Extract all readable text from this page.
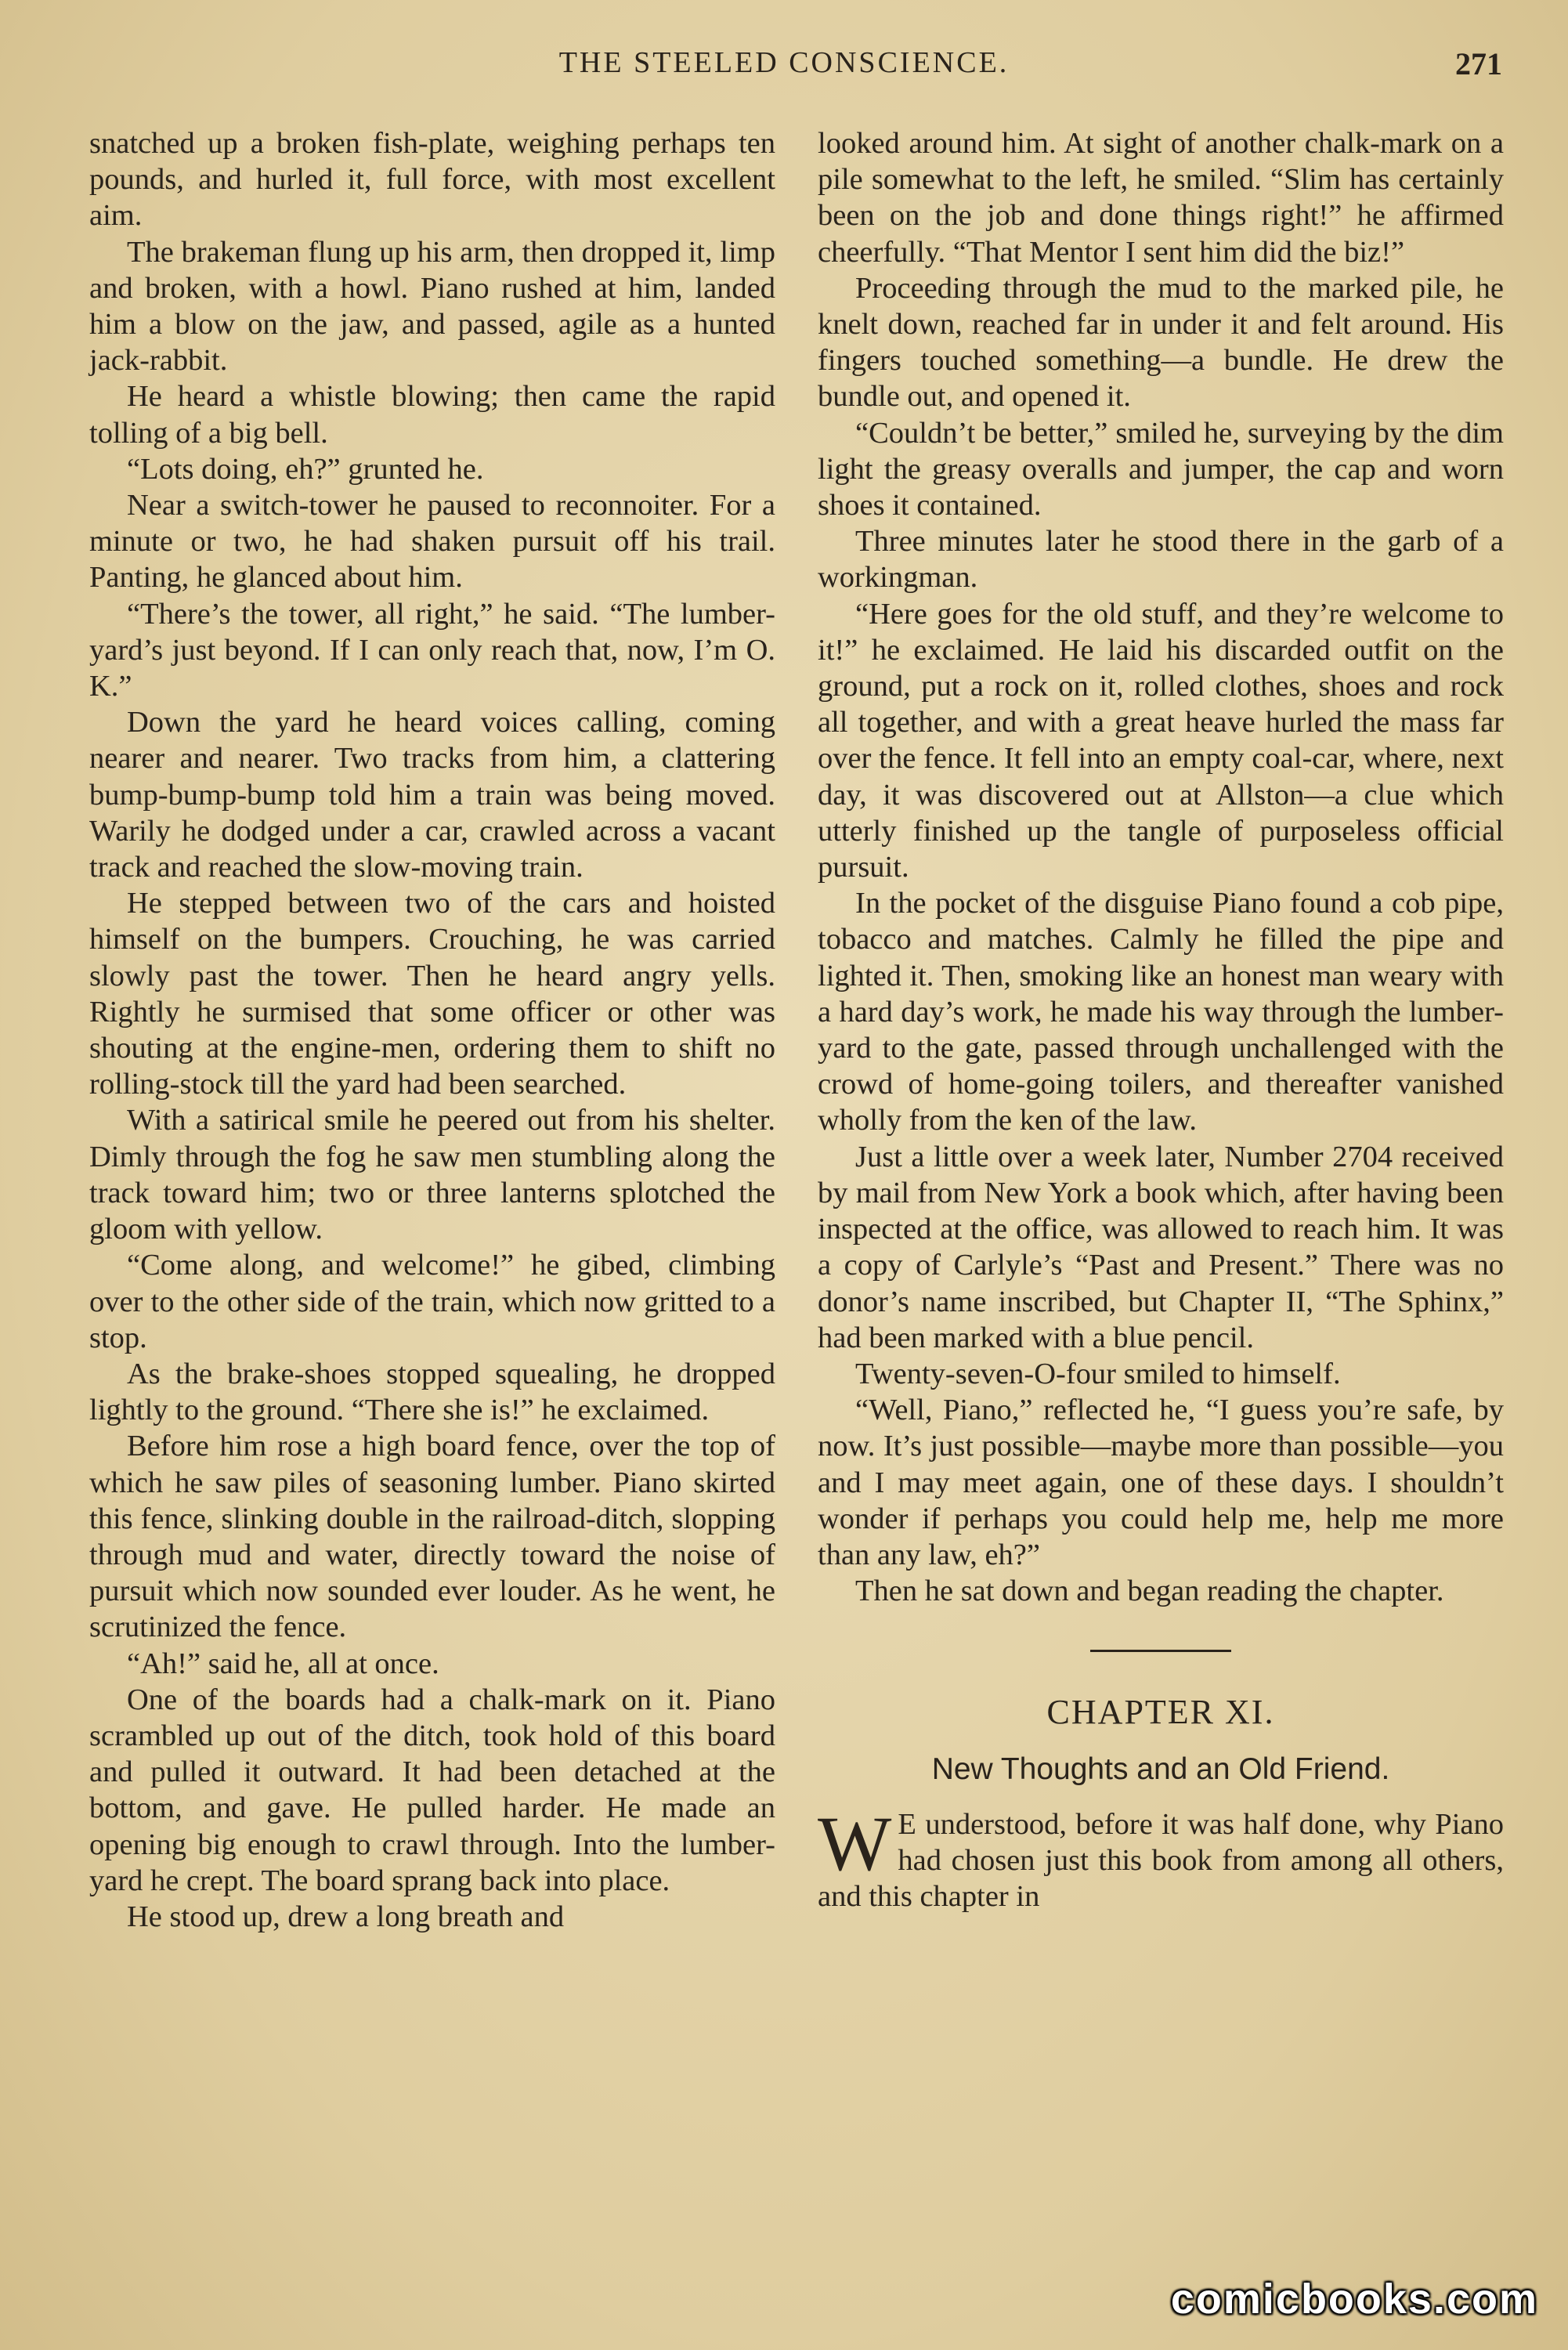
THE STEELED CONSCIENCE.	271

snatched up a broken fish-plate, weighing perhaps ten pounds, and hurled it, full force, with most excellent aim.

The brakeman flung up his arm, then dropped it, limp and broken, with a howl. Piano rushed at him, landed him a blow on the jaw, and passed, agile as a hunted jack-rabbit.

He heard a whistle blowing; then came the rapid tolling of a big bell.

“Lots doing, eh?” grunted he.

Near a switch-tower he paused to reconnoiter. For a minute or two, he had shaken pursuit off his trail. Panting, he glanced about him.

“There’s the tower, all right,” he said. “The lumber-yard’s just beyond. If I can only reach that, now, I’m O. K.”

Down the yard he heard voices calling, coming nearer and nearer. Two tracks from him, a clattering bump-bump-bump told him a train was being moved. Warily he dodged under a car, crawled across a vacant track and reached the slow-moving train.

He stepped between two of the cars and hoisted himself on the bumpers. Crouching, he was carried slowly past the tower. Then he heard angry yells. Rightly he surmised that some officer or other was shouting at the engine-men, ordering them to shift no rolling-stock till the yard had been searched.

With a satirical smile he peered out from his shelter. Dimly through the fog he saw men stumbling along the track toward him; two or three lanterns splotched the gloom with yellow.

“Come along, and welcome!” he gibed, climbing over to the other side of the train, which now gritted to a stop.

As the brake-shoes stopped squealing, he dropped lightly to the ground. “There she is!” he exclaimed.

Before him rose a high board fence, over the top of which he saw piles of seasoning lumber. Piano skirted this fence, slinking double in the railroad-ditch, slopping through mud and water, directly toward the noise of pursuit which now sounded ever louder. As he went, he scrutinized the fence.

“Ah!” said he, all at once.

One of the boards had a chalk-mark on it. Piano scrambled up out of the ditch, took hold of this board and pulled it outward. It had been detached at the bottom, and gave. He pulled harder. He made an opening big enough to crawl through. Into the lumber-yard he crept. The board sprang back into place.

He stood up, drew a long breath and

looked around him. At sight of another chalk-mark on a pile somewhat to the left, he smiled. “Slim has certainly been on the job and done things right!” he affirmed cheerfully. “That Mentor I sent him did the biz!”

Proceeding through the mud to the marked pile, he knelt down, reached far in under it and felt around. His fingers touched something—a bundle. He drew the bundle out, and opened it.

“Couldn’t be better,” smiled he, surveying by the dim light the greasy overalls and jumper, the cap and worn shoes it contained.

Three minutes later he stood there in the garb of a workingman.

“Here goes for the old stuff, and they’re welcome to it!” he exclaimed. He laid his discarded outfit on the ground, put a rock on it, rolled clothes, shoes and rock all together, and with a great heave hurled the mass far over the fence. It fell into an empty coal-car, where, next day, it was discovered out at Allston—a clue which utterly finished up the tangle of purposeless official pursuit.

In the pocket of the disguise Piano found a cob pipe, tobacco and matches. Calmly he filled the pipe and lighted it. Then, smoking like an honest man weary with a hard day’s work, he made his way through the lumber-yard to the gate, passed through unchallenged with the crowd of home-going toilers, and thereafter vanished wholly from the ken of the law.

Just a little over a week later, Number 2704 received by mail from New York a book which, after having been inspected at the office, was allowed to reach him. It was a copy of Carlyle’s “Past and Present.” There was no donor’s name inscribed, but Chapter II, “The Sphinx,” had been marked with a blue pencil.

Twenty-seven-O-four smiled to himself.

“Well, Piano,” reflected he, “I guess you’re safe, by now. It’s just possible—maybe more than possible—you and I may meet again, one of these days. I shouldn’t wonder if perhaps you could help me, help me more than any law, eh?”

Then he sat down and began reading the chapter.

CHAPTER XI.
New Thoughts and an Old Friend.

W E understood, before it was half done, why Piano had chosen just this book from among all others, and this chapter in

comicbooks.com
